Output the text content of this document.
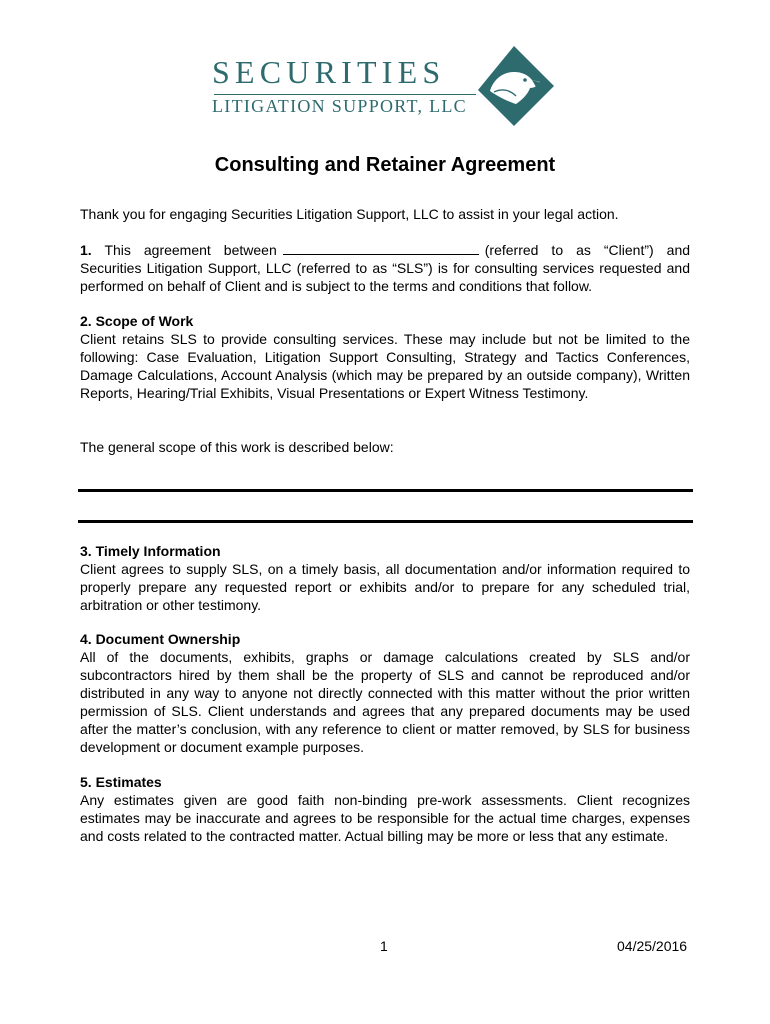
SECURITIES
LITIGATION SUPPORT, LLC
Consulting and Retainer Agreement
Thank you for engaging Securities Litigation Support, LLC to assist in your legal action.
1. This agreement between	(referred to as “Client”) and Securities Litigation Support, LLC (referred to as “SLS”) is for consulting services requested and performed on behalf of Client and is subject to the terms and conditions that follow.
2. Scope of Work
Client retains SLS to provide consulting services. These may include but not be limited to the following: Case Evaluation, Litigation Support Consulting, Strategy and Tactics Conferences, Damage Calculations, Account Analysis (which may be prepared by an outside company), Written Reports, Hearing/Trial Exhibits, Visual Presentations or Expert Witness Testimony.
The general scope of this work is described below:
3. Timely Information
Client agrees to supply SLS, on a timely basis, all documentation and/or information required to properly prepare any requested report or exhibits and/or to prepare for any scheduled trial, arbitration or other testimony.
4. Document Ownership
All of the documents, exhibits, graphs or damage calculations created by SLS and/or subcontractors hired by them shall be the property of SLS and cannot be reproduced and/or distributed in any way to anyone not directly connected with this matter without the prior written permission of SLS. Client understands and agrees that any prepared documents may be used after the matter’s conclusion, with any reference to client or matter removed, by SLS for business development or document example purposes.
5. Estimates
Any estimates given are good faith non-binding pre-work assessments. Client recognizes estimates may be inaccurate and agrees to be responsible for the actual time charges, expenses and costs related to the contracted matter. Actual billing may be more or less that any estimate.
1	04/25/2016
